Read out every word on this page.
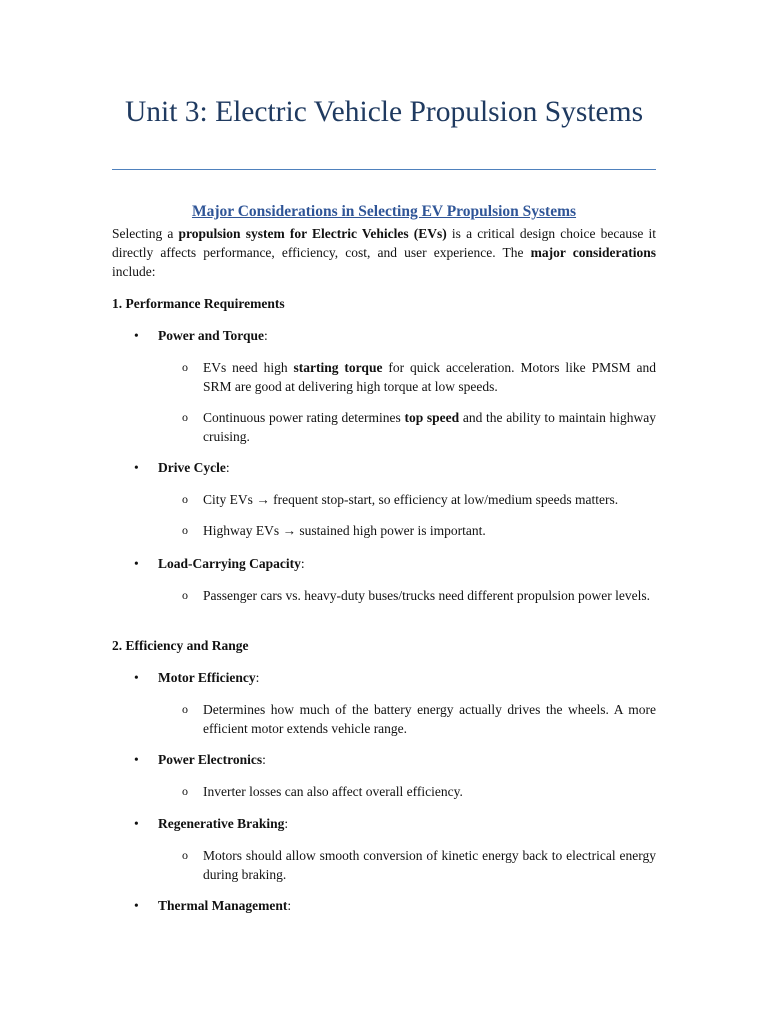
Unit 3: Electric Vehicle Propulsion Systems

Major Considerations in Selecting EV Propulsion Systems

Selecting a propulsion system for Electric Vehicles (EVs) is a critical design choice because it directly affects performance, efficiency, cost, and user experience. The major considerations include:

1. Performance Requirements

• Power and Torque:
o EVs need high starting torque for quick acceleration. Motors like PMSM and SRM are good at delivering high torque at low speeds.
o Continuous power rating determines top speed and the ability to maintain highway cruising.
• Drive Cycle:
o City EVs → frequent stop-start, so efficiency at low/medium speeds matters.
o Highway EVs → sustained high power is important.
• Load-Carrying Capacity:
o Passenger cars vs. heavy-duty buses/trucks need different propulsion power levels.

2. Efficiency and Range

• Motor Efficiency:
o Determines how much of the battery energy actually drives the wheels. A more efficient motor extends vehicle range.
• Power Electronics:
o Inverter losses can also affect overall efficiency.
• Regenerative Braking:
o Motors should allow smooth conversion of kinetic energy back to electrical energy during braking.
• Thermal Management:
